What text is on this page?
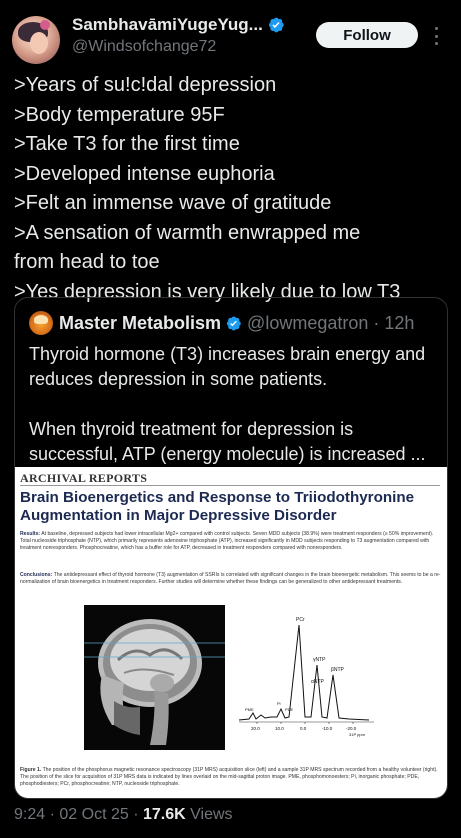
SambhavāmiYugeYug...
@Windsofchange72
Follow
>Years of su!c!dal depression
>Body temperature 95F
>Take T3 for the first time
>Developed intense euphoria
>Felt an immense wave of gratitude
>A sensation of warmth enwrapped me
from head to toe
>Yes depression is very likely due to low T3
Master Metabolism @lowmegatron · 12h
Thyroid hormone (T3) increases brain energy and
reduces depression in some patients.
When thyroid treatment for depression is
successful, ATP (energy molecule) is increased ...
ARCHIVAL REPORTS
Brain Bioenergetics and Response to Triiodothyronine
Augmentation in Major Depressive Disorder
Results: At baseline, depressed subjects had lower intracellular Mg2+ compared with control subjects. Seven MDD subjects (38.9%) were treatment responders (≥ 50% improvement). Total nucleoside triphosphate (NTP), which primarily represents adenosine triphosphate (ATP), increased significantly in MDD subjects responding to T3 augmentation compared with treatment nonresponders. Phosphocreatine, which has a buffer role for ATP, decreased in treatment responders compared with nonresponders.
Conclusions: The antidepressant effect of thyroid hormone (T3) augmentation of SSRIs is correlated with significant changes in the brain bioenergetic metabolism. This seems to be a re-normalization of brain bioenergetics in treatment responders. Further studies will determine whether these findings can be generalized to other antidepressant treatments.
PCr
γNTP
αNTP
βNTP
PME
Pi
PDE
20.0	10.0	0.0	-10.0	-20.0
31P ppm
Figure 1. The position of the phosphorus magnetic resonance spectroscopy (31P MRS) acquisition slice (left) and a sample 31P MRS spectrum recorded from a healthy volunteer (right). The position of the slice for acquisition of 31P MRS data is indicated by lines overlaid on the mid-sagittal proton image. PME, phosphomonoesters; Pi, inorganic phosphate; PDE, phosphodiesters; PCr, phosphocreatine; NTP, nucleoside triphosphate.
9:24 · 02 Oct 25 · 17.6K Views
